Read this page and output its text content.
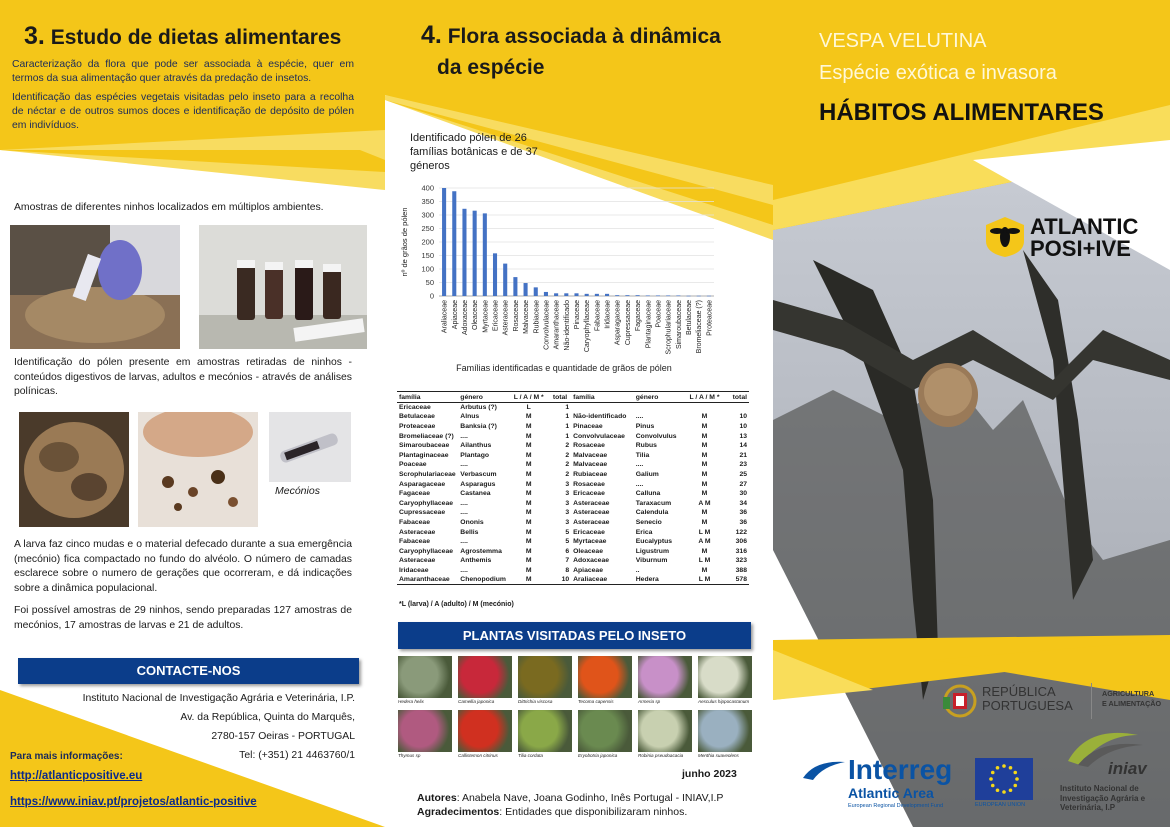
3. Estudo de dietas alimentares

Caracterização da flora que pode ser associada à espécie, quer em termos da sua alimentação quer através da predação de insetos.

Identificação das espécies vegetais visitadas pelo inseto para a recolha de néctar e de outros sumos doces e identificação de depósito de pólen em indivíduos.

Amostras de diferentes ninhos localizados em múltiplos ambientes.
Identificação do pólen presente em amostras retiradas de ninhos - conteúdos digestivos de larvas, adultos e mecónios - através de análises polínicas.
Mecónios
A larva faz cinco mudas e o material defecado durante a sua emergência (mecónio) fica compactado no fundo do alvéolo. O número de camadas esclarece sobre o numero de gerações que ocorreram, e dá indicações sobre a dinâmica populacional.
Foi possível amostras de 29 ninhos, sendo preparadas 127 amostras de mecónios, 17 amostras de larvas e 21 de adultos.
CONTACTE-NOS
Instituto Nacional de Investigação Agrária e Veterinária, I.P.
Av. da República, Quinta do Marquês,
2780-157 Oeiras - PORTUGAL
Tel: (+351) 21 4463760/1
Para mais informações:
http://atlanticpositive.eu
https://www.iniav.pt/projetos/atlantic-positive
4. Flora associada à dinâmica
da espécie
Identificado pólen de 26 famílias botânicas e de 37 géneros
0
50
100
150
200
250
300
350
400
Araliaceae Apiaceae Adoxaceae Oleaceae Myrtaceae Ericaceae Asteraceae Rosaceae Malvaceae Rubiaceae Convolvulaceae Amaranthaceae Não-identificado Pinaceae Caryophyllaceae Fabaceae Iridaceae Asparagaceae Cupressaceae Fagaceae Plantaginaceae Poaceae Scrophulariaceae Simaroubaceae Betulaceae Bromeliaceae (?) Proteaceae
nº de grãos de pólen
Famílias identificadas e quantidade de grãos de pólen
família	género	L / A / M *	total	família	género	L / A / M *	total
Ericaceae	Arbutus (?)	L	1				
Betulaceae	Alnus	M	1	Não-identificado	....	M	10
Proteaceae	Banksia (?)	M	1	Pinaceae	Pinus	M	10
Bromeliaceae (?)	....	M	1	Convolvulaceae	Convolvulus	M	13
Simaroubaceae	Ailanthus	M	2	Rosaceae	Rubus	M	14
Plantaginaceae	Plantago	M	2	Malvaceae	Tilia	M	21
Poaceae	....	M	2	Malvaceae	....	M	23
Scrophulariaceae	Verbascum	M	2	Rubiaceae	Galium	M	25
Asparagaceae	Asparagus	M	3	Rosaceae	....	M	27
Fagaceae	Castanea	M	3	Ericaceae	Calluna	M	30
Caryophyllaceae	....	M	3	Asteraceae	Taraxacum	A M	34
Cupressaceae	....	M	3	Asteraceae	Calendula	M	36
Fabaceae	Ononis	M	3	Asteraceae	Senecio	M	36
Asteraceae	Bellis	M	5	Ericaceae	Erica	L M	122
Fabaceae	....	M	5	Myrtaceae	Eucalyptus	A M	306
Caryophyllaceae	Agrostemma	M	6	Oleaceae	Ligustrum	M	316
Asteraceae	Anthemis	M	7	Adoxaceae	Viburnum	L M	323
Iridaceae	....	M	8	Apiaceae	..	M	388
Amaranthaceae	Chenopodium	M	10	Araliaceae	Hedera	L M	578
*L (larva) / A (adulto) / M (mecónio)
PLANTAS VISITADAS PELO INSETO
Hedera helix	Camellia japonica	Dittrichia viscosa	Tecoma capensis	Armeria sp	Aesculus hippocastanum
Thymus sp	Callistemon citrinus	Tilia cordata	Eryobotria japonica	Robinia pseudoacacia	Menthia suaveolens
junho 2023
Autores: Anabela Nave, Joana Godinho, Inês Portugal - INIAV,I.P
Agradecimentos: Entidades que disponibilizaram ninhos.
VESPA VELUTINA
Espécie exótica e invasora
HÁBITOS ALIMENTARES
ATLANTIC
POSI+IVE
REPÚBLICA
PORTUGUESA
AGRICULTURA
E ALIMENTAÇÃO
Interreg
Atlantic Area
European Regional Development Fund	EUROPEAN UNION
iniav
Instituto Nacional de
Investigação Agrária e
Veterinária, I.P
